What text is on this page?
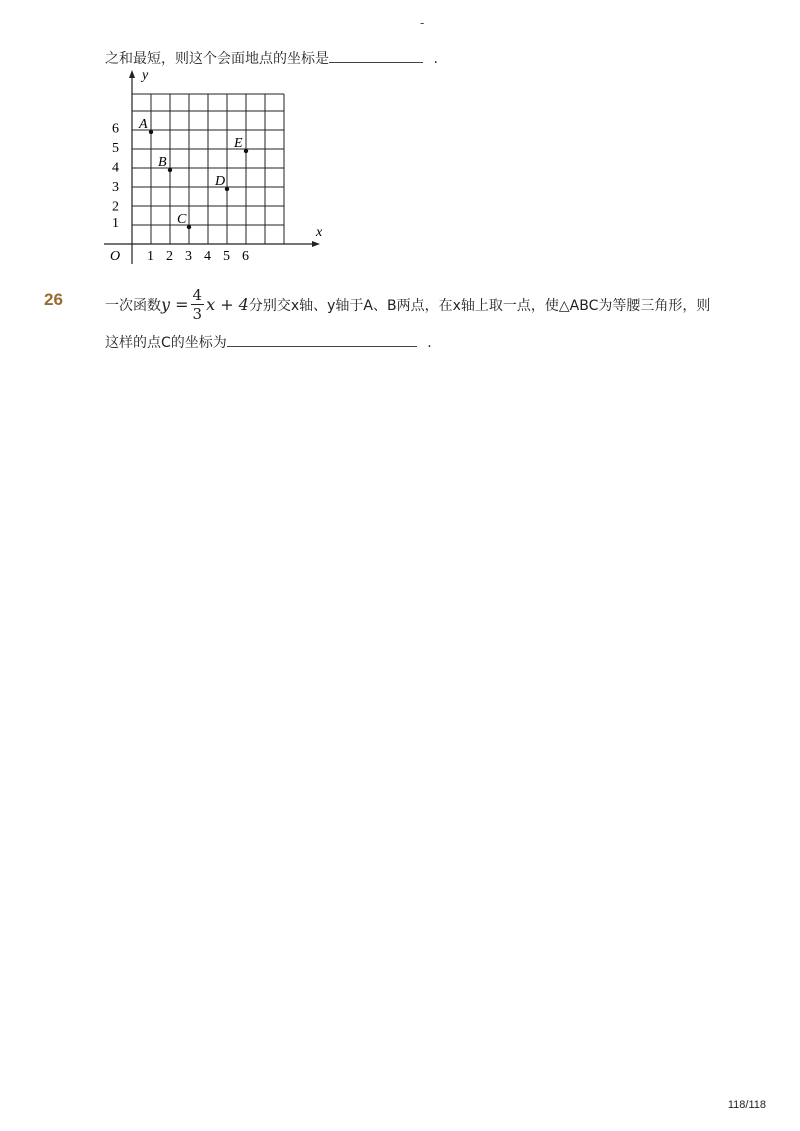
-
之和最短，则这个会面地点的坐标是	.
x
y
O 1 2 3 4 5 6
1
2
3
4
5
6 A
B
C
D
E
26	一次函数 $y = \frac{4}{3}$ x + 4 分别交x轴、y轴于A、B两点，在x轴上取一点，使△ABC为等腰三角形，则
这样的点C的坐标为	.
118/118
